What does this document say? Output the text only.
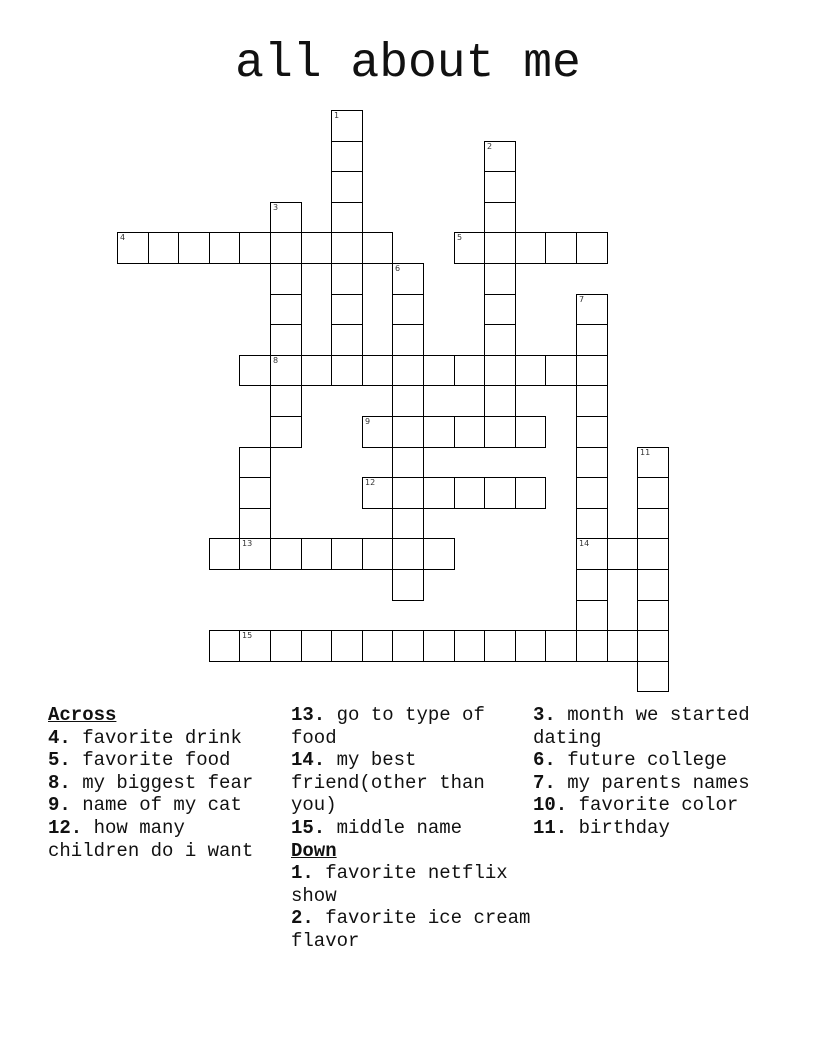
all about me
1
2
3
8
4	5
6
7
14
9
13
11
12
15

Across

4. favorite drink

5. favorite food

8. my biggest fear

9. name of my cat

12. how many children do i want

13. go to type of food

14. my best friend(other than you)

15. middle name

Down

1. favorite netflix show

2. favorite ice cream flavor

3. month we started dating

6. future college

7. my parents names

10. favorite color

11. birthday
